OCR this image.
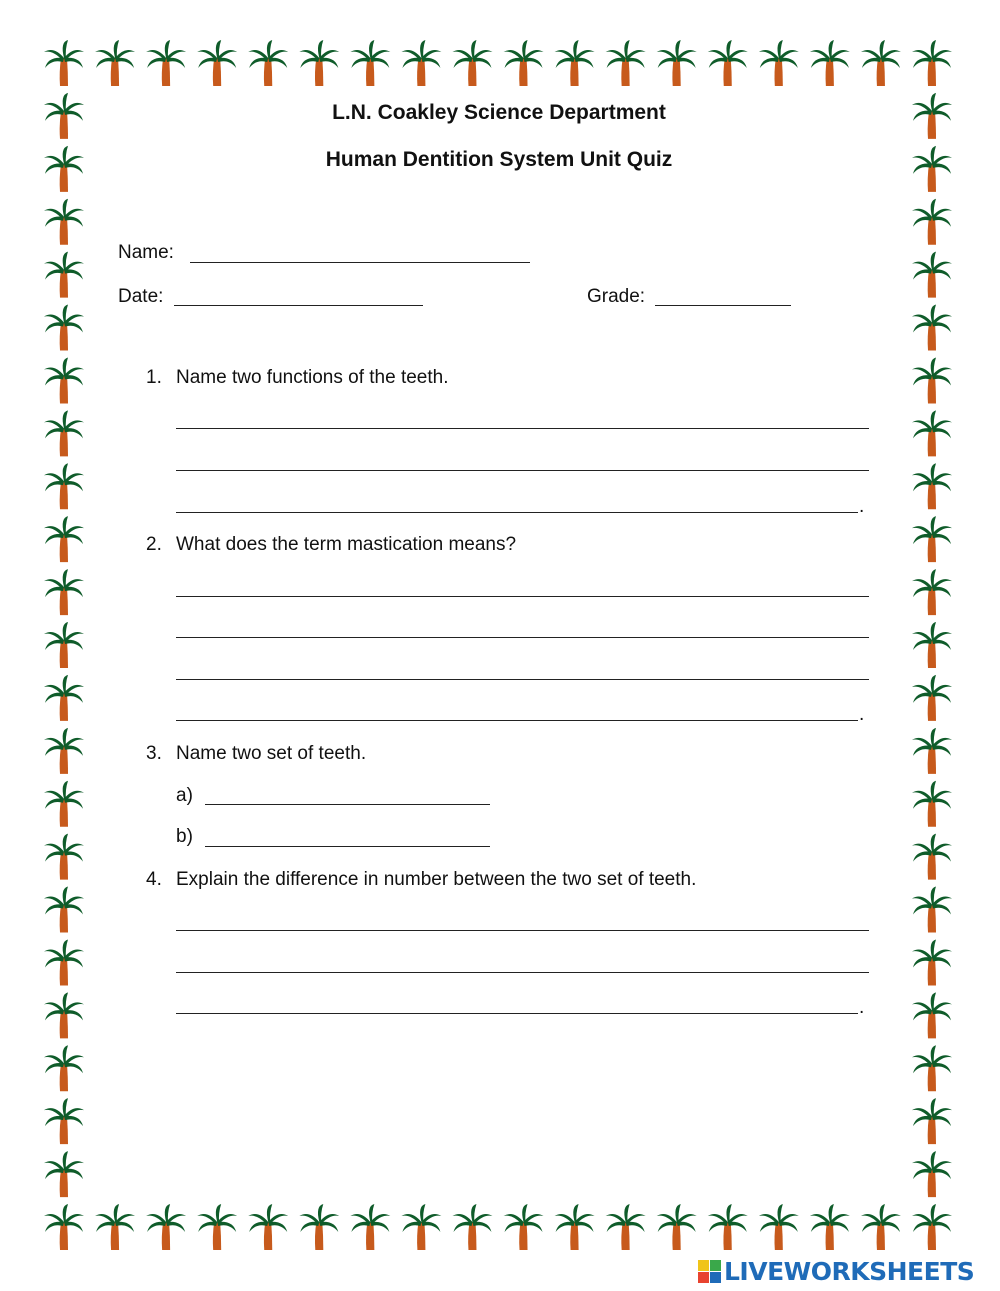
L.N. Coakley Science Department
Human Dentition System Unit Quiz
Name:
Date:	Grade:
1. Name two functions of the teeth.
.
2. What does the term mastication means?
.
3. Name two set of teeth.
a)
b)
4. Explain the difference in number between the two set of teeth.
.
LIVEWORKSHEETS
